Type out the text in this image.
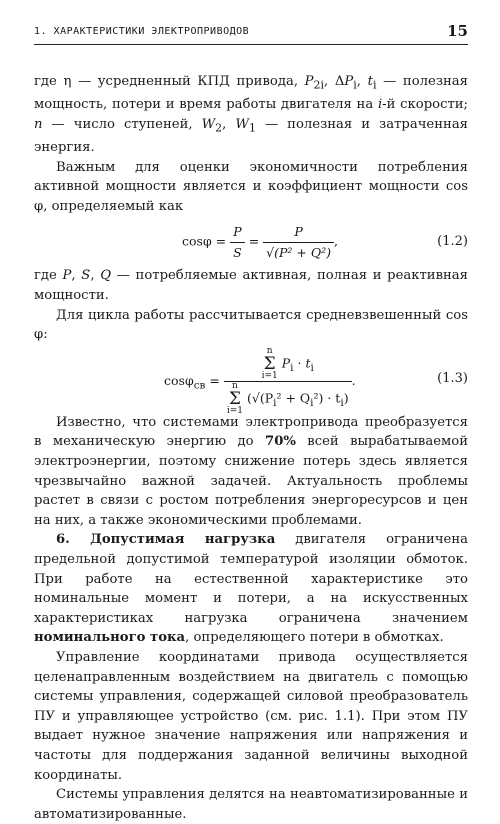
1. ХАРАКТЕРИСТИКИ ЭЛЕКТРОПРИВОДОВ	15

где η — усредненный КПД привода, $P_{2i}$, $\Delta P_i$, $t_i$ — полезная мощность, потери и время работы двигателя на i-й скорости; n — число ступеней, $W_2$, $W_1$ — полезная и затраченная энергия.

Важным для оценки экономичности потребления активной мощности является и коэффициент мощности cos φ, определяемый как

$\cos\varphi = \frac{P}{S} = \frac{P}{\text{√(P² + Q²)}}$ ,	(1.2)

где P, S, Q — потребляемые активная, полная и реактивная мощности.

Для цикла работы рассчитывается средневзвешенный cos φ:

cosφ$_{св}$ =
n
Σ
i=1 $P_i \cdot t_i$
n
Σ
i=1 $(√(P_i^2 + Q_i^2) \cdot t_i)$
.	(1.3)

Известно, что системами электропривода преобразуется в механическую энергию до 70% всей вырабатываемой электроэнергии, поэтому снижение потерь здесь является чрезвычайно важной задачей. Актуальность проблемы растет в связи с ростом потребления энергоресурсов и цен на них, а также экономическими проблемами.

6. Допустимая нагрузка двигателя ограничена предельной допустимой температурой изоляции обмоток. При работе на естественной характеристике это номинальные момент и потери, а на искусственных характеристиках нагрузка ограничена значением номинального тока, определяющего потери в обмотках.

Управление координатами привода осуществляется целенаправленным воздействием на двигатель с помощью системы управления, содержащей силовой преобразователь ПУ и управляющее устройство (см. рис. 1.1). При этом ПУ выдает нужное значение напряжения или напряжения и частоты для поддержания заданной величины выходной координаты.

Системы управления делятся на неавтоматизированные и автоматизированные.
